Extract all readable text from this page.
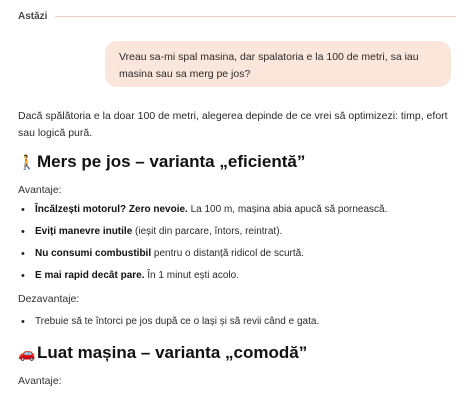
Astăzi
Vreau sa-mi spal masina, dar spalatoria e la 100 de metri, sa iau masina sau sa merg pe jos?

Dacă spălătoria e la doar 100 de metri, alegerea depinde de ce vrei să optimizezi: timp, efort sau logică pură.

🚶 Mers pe jos – varianta „eficientă”

Avantaje:

• Încălzești motorul? Zero nevoie. La 100 m, mașina abia apucă să pornească.
• Eviți manevre inutile (ieșit din parcare, întors, reintrat).
• Nu consumi combustibil pentru o distanță ridicol de scurtă.
• E mai rapid decât pare. În 1 minut ești acolo.

Dezavantaje:

• Trebuie să te întorci pe jos după ce o lași și să revii când e gata.
🚗 Luat mașina – varianta „comodă”

Avantaje:
